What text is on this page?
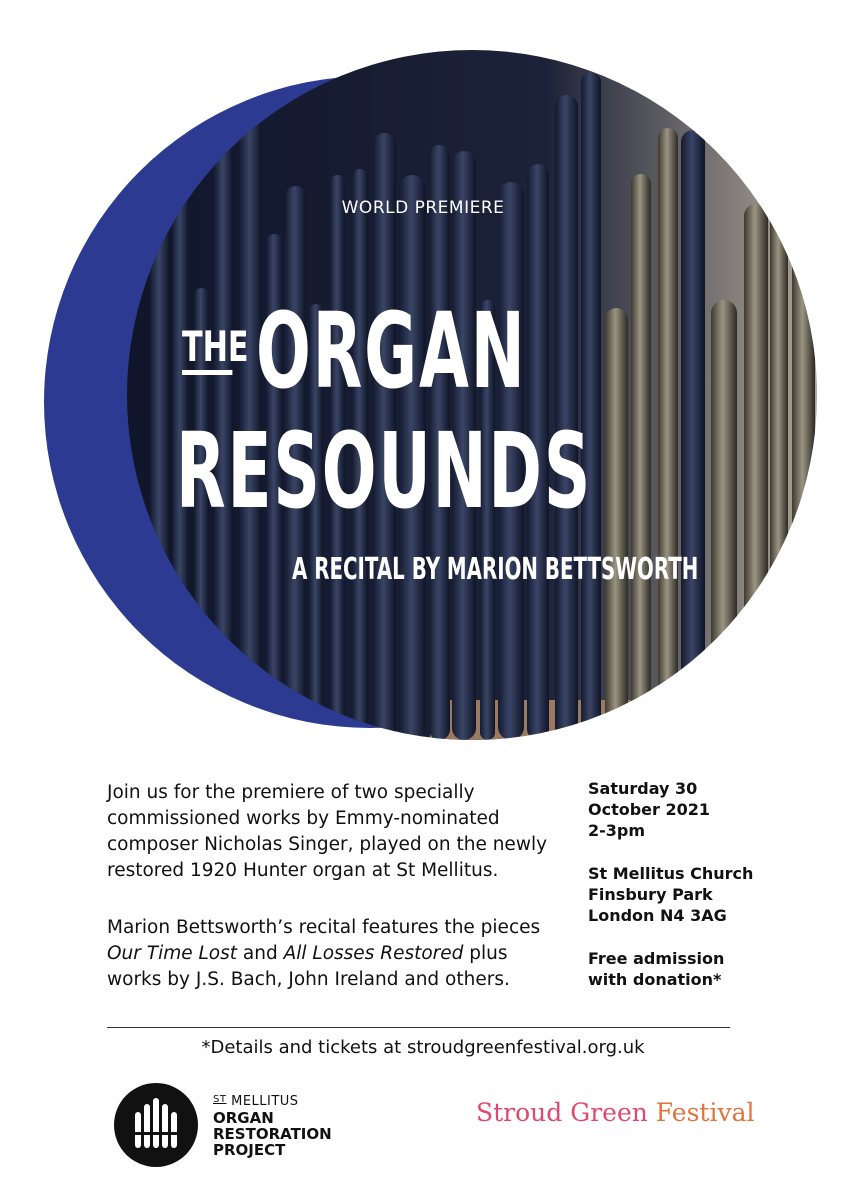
WORLD PREMIERE
THEORGAN
RESOUNDS
A RECITAL BY MARION BETTSWORTH

Join us for the premiere of two specially commissioned works by Emmy-nominated composer Nicholas Singer, played on the newly restored 1920 Hunter organ at St Mellitus.

Marion Bettsworth’s recital features the pieces Our Time Lost and All Losses Restored plus works by J.S. Bach, John Ireland and others.

Saturday 30
October 2021
2-3pm
St Mellitus Church
Finsbury Park
London N4 3AG
Free admission
with donation*
*Details and tickets at stroudgreenfestival.org.uk
$^{ST}$ MELLITUS
ORGAN
RESTORATION
PROJECT
Stroud Green Festival
